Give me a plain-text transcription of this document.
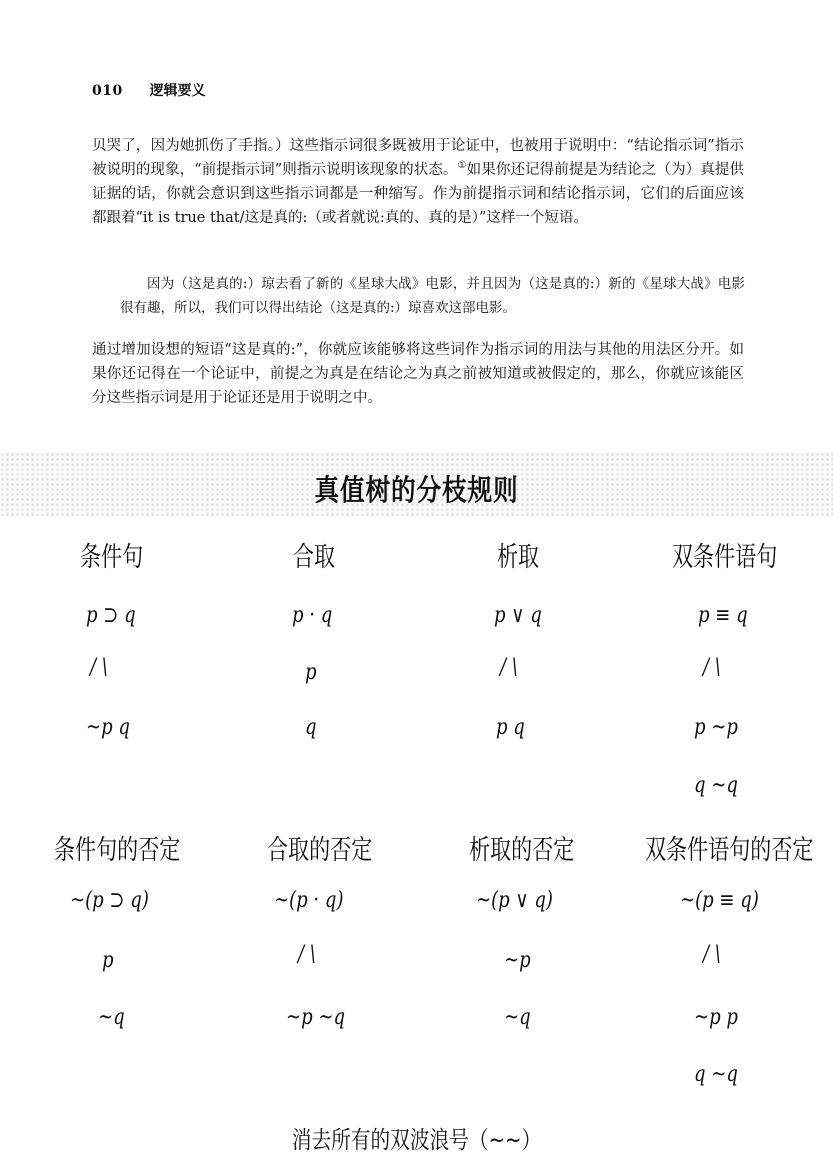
010 逻辑要义

贝哭了，因为她抓伤了手指。）这些指示词很多既被用于论证中，也被用于说明中：“结论指示词”指示被说明的现象，“前提指示词”则指示说明该现象的状态。①如果你还记得前提是为结论之（为）真提供证据的话，你就会意识到这些指示词都是一种缩写。作为前提指示词和结论指示词，它们的后面应该都跟着“it is true that/这是真的:（或者就说:真的、真的是）”这样一个短语。

因为（这是真的:）琼去看了新的《星球大战》电影，并且因为（这是真的:）新的《星球大战》电影很有趣，所以，我们可以得出结论（这是真的:）琼喜欢这部电影。

通过增加设想的短语“这是真的:”，你就应该能够将这些词作为指示词的用法与其他的用法区分开。如果你还记得在一个论证中，前提之为真是在结论之为真之前被知道或被假定的，那么，你就应该能区分这些指示词是用于论证还是用于说明之中。

真值树的分枝规则
条件句	合取	析取	双条件语句
p ⊃ q
/ \
~p q
p · q
p
q
p ∨ q
/ \
p q
p ≡ q
/ \
p ~p
q ~q
条件句的否定	合取的否定	析取的否定	双条件语句的否定
~(p ⊃ q)
p
~q
~(p · q)
/ \
~p ~q
~(p ∨ q)
~p
~q
~(p ≡ q)
/ \
~p p
q ~q
消去所有的双波浪号（~~）
